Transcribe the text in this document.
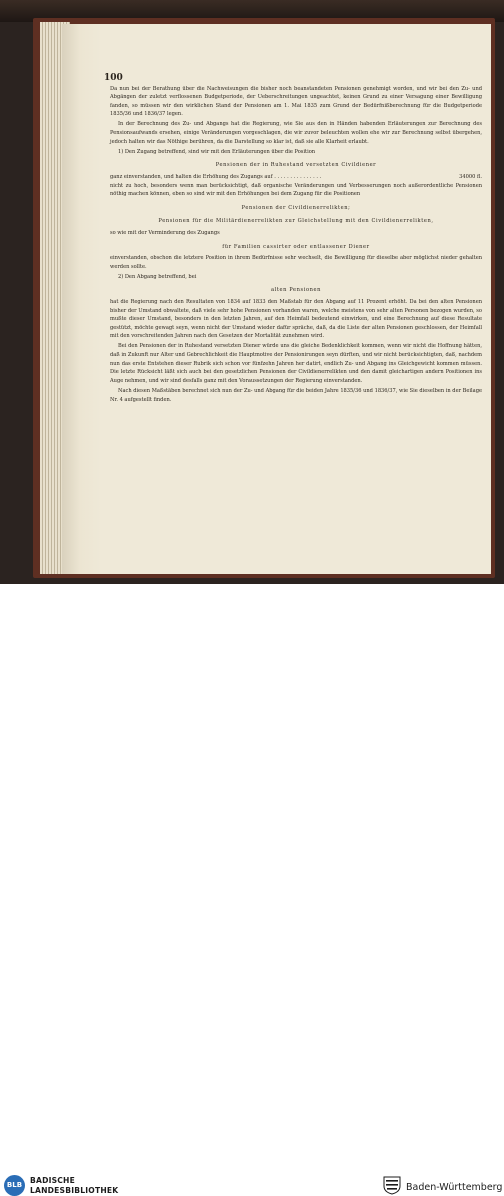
100

Da nun bei der Berathung über die Nachweisungen die bisher noch beanstandeten Pensionen genehmigt worden, und wir bei den Zu- und Abgängen der zuletzt verflossenen Budgetperiode, der Ueberschreitungen ungeachtet, keinen Grund zu einer Versagung einer Bewilligung fanden, so müssen wir den wirklichen Stand der Pensionen am 1. Mai 1835 zum Grund der Bedürfnißberechnung für die Budgetperiode 1835/36 und 1836/37 legen.

In der Berechnung des Zu- und Abgangs hat die Regierung, wie Sie aus den in Händen habenden Erläuterungen zur Berechnung des Pensionsaufwands ersehen, einige Veränderungen vorgeschlagen, die wir zuvor beleuchten wollen ehe wir zur Berechnung selbst übergehen, jedoch halten wir das Nöthige berühren, da die Darstellung so klar ist, daß sie alle Klarheit erlaubt.

1) Den Zugang betreffend, sind wir mit den Erläuterungen über die Position

Pensionen der in Ruhestand versetzten Civildiener
ganz einverstanden, und halten die Erhöhung des Zugangs auf . . . . . . . . . . . . . . .	34000 fl.

nicht zu hoch, besonders wenn man berücksichtigt, daß organische Veränderungen und Verbesserungen noch außerordentliche Pensionen nöthig machen können, eben so sind wir mit den Erhöhungen bei dem Zugang für die Positionen

Pensionen der Civildienerrelikten;
Pensionen für die Militärdienerrelikten zur Gleichstellung mit den Civildienerrelikten,

so wie mit der Verminderung des Zugangs

für Familien cassirter oder entlassener Diener

einverstanden, obschon die letztere Position in ihrem Bedürfnisse sehr wechselt, die Bewilligung für dieselbe aber möglichst nieder gehalten werden sollte.

2) Den Abgang betreffend, bei

alten Pensionen

hat die Regierung nach den Resultaten von 1834 auf 1833 den Maßstab für den Abgang auf 11 Prozent erhöht. Da bei den alten Pensionen bisher der Umstand obwaltete, daß viele sehr hohe Pensionen vorhanden waren, welche meistens von sehr alten Personen bezogen wurden, so mußte dieser Umstand, besonders in den letzten Jahren, auf den Heimfall bedeutend einwirken, und eine Berechnung auf diese Resultate gestützt, möchte gewagt seyn, wenn nicht der Umstand wieder dafür spräche, daß, da die Liste der alten Pensionen geschlossen, der Heimfall mit den vorschreitenden Jahren nach den Gesetzen der Mortalität zunehmen wird.

Bei den Pensionen der in Ruhestand versetzten Diener würde uns die gleiche Bedenklichkeit kommen, wenn wir nicht die Hoffnung hätten, daß in Zukunft nur Alter und Gebrechlichkeit die Hauptmotive der Pensionirungen seyn dürften, und wir nicht berücksichtigten, daß, nachdem nun das erste Entstehen dieser Rubrik sich schon vor fünfzehn Jahren her datirt, endlich Zu- und Abgang ins Gleichgewicht kommen müssen. Die letzte Rücksicht läßt sich auch bei den gesetzlichen Pensionen der Civildienerrelikten und den damit gleichartigen andern Positionen ins Auge nehmen, und wir sind desfalls ganz mit den Voraussetzungen der Regierung einverstanden.

Nach diesen Maßstäben berechnet sich nun der Zu- und Abgang für die beiden Jahre 1835/36 und 1836/37, wie Sie dieselben in der Beilage Nr. 4 aufgestellt finden.

BLB	BADISCHE
LANDESBIBLIOTHEK	Baden-Württemberg
